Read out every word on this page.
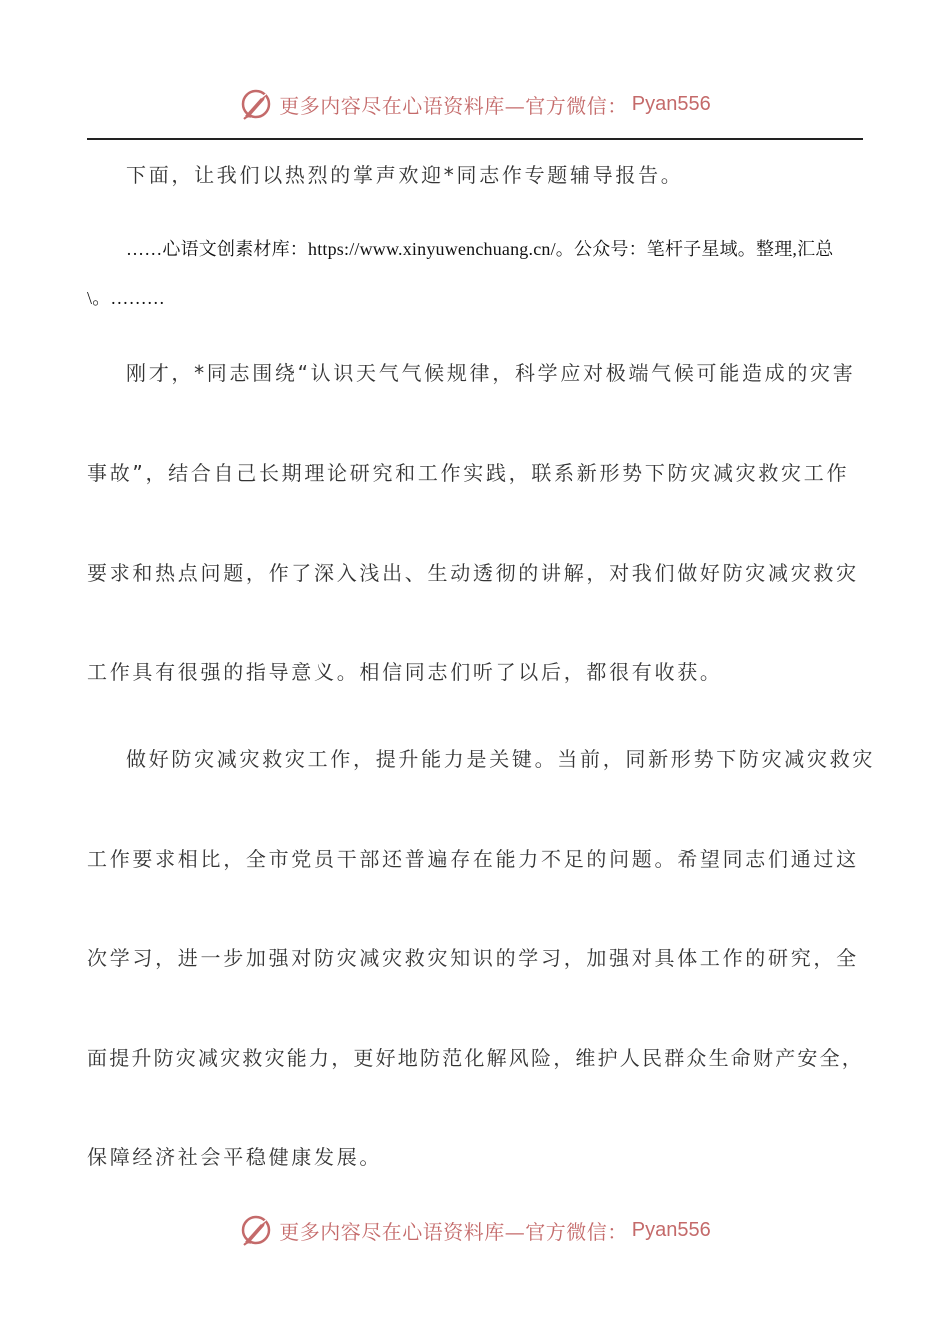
更多内容尽在心语资料库—官方微信： Pyan556
下面，让我们以热烈的掌声欢迎*同志作专题辅导报告。
……心语文创素材库：https://www.xinyuwenchuang.cn/。公众号：笔杆子星域。整理,汇总
\。………
刚才，*同志围绕“认识天气气候规律，科学应对极端气候可能造成的灾害
事故”，结合自己长期理论研究和工作实践，联系新形势下防灾减灾救灾工作
要求和热点问题，作了深入浅出、生动透彻的讲解，对我们做好防灾减灾救灾
工作具有很强的指导意义。相信同志们听了以后，都很有收获。
做好防灾减灾救灾工作，提升能力是关键。当前，同新形势下防灾减灾救灾
工作要求相比，全市党员干部还普遍存在能力不足的问题。希望同志们通过这
次学习，进一步加强对防灾减灾救灾知识的学习，加强对具体工作的研究，全
面提升防灾减灾救灾能力，更好地防范化解风险，维护人民群众生命财产安全，
保障经济社会平稳健康发展。
更多内容尽在心语资料库—官方微信： Pyan556
